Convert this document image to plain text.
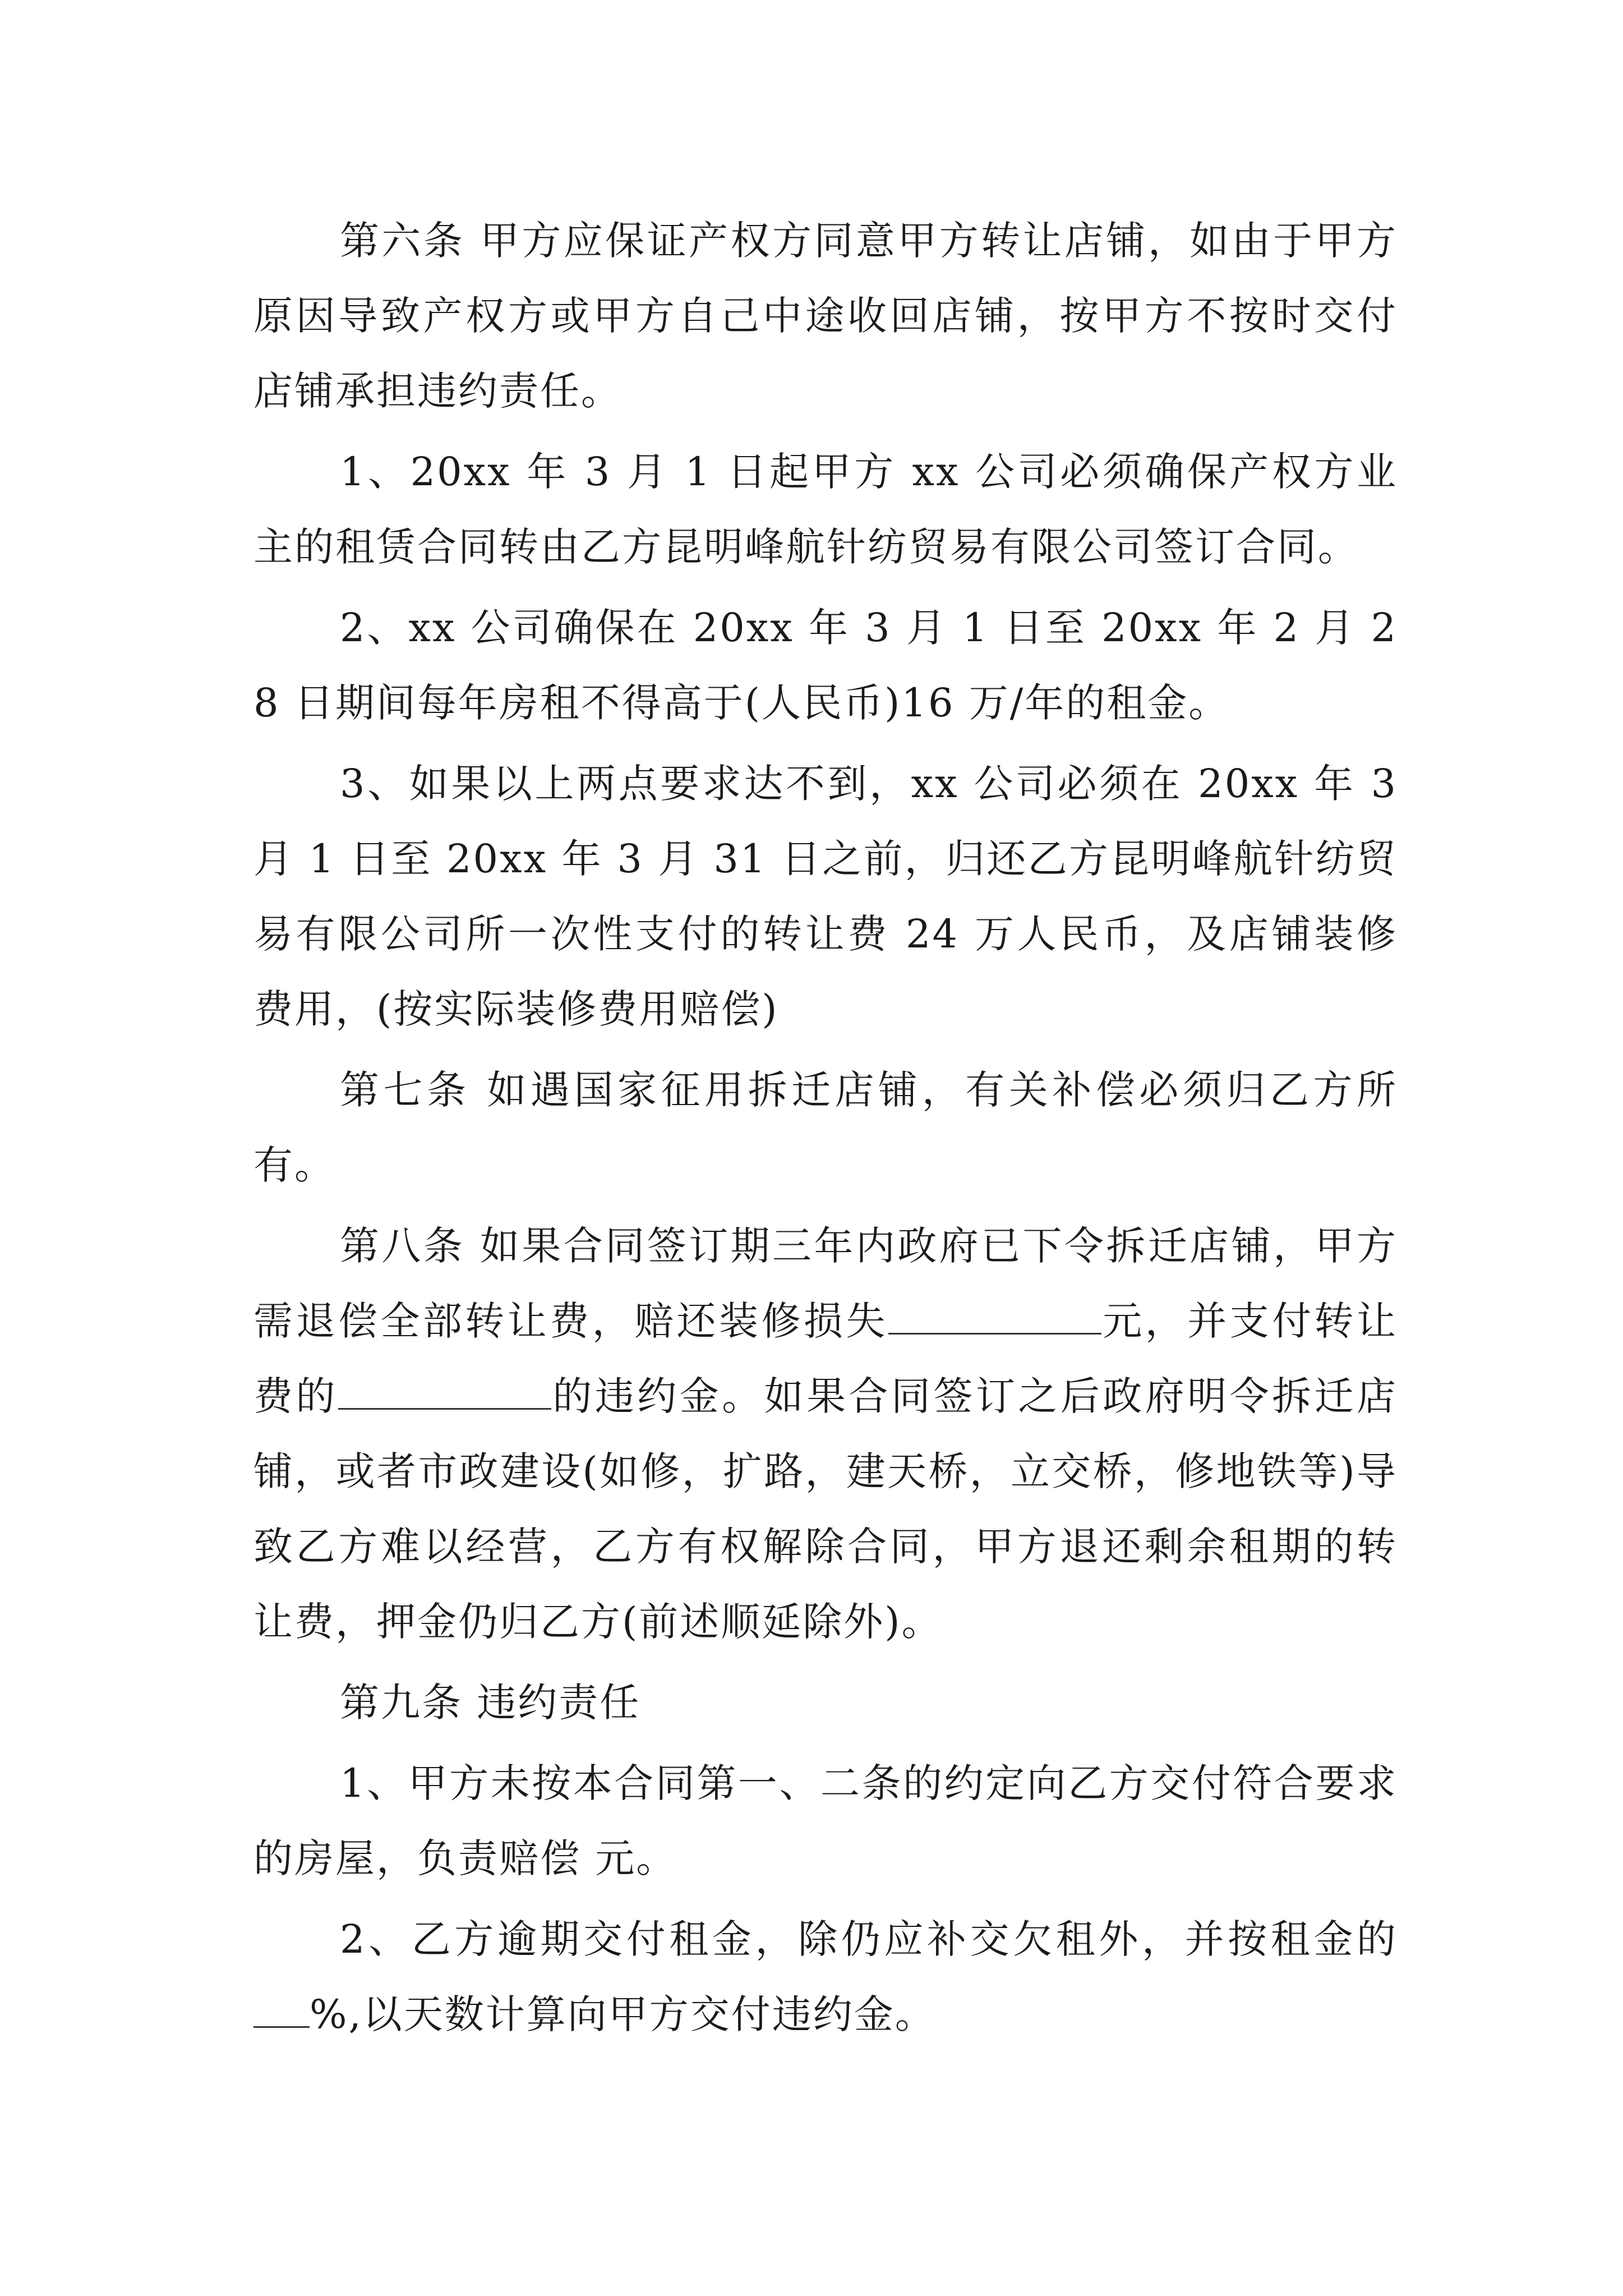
第六条 甲方应保证产权方同意甲方转让店铺，如由于甲方原因导致产权方或甲方自己中途收回店铺，按甲方不按时交付店铺承担违约责任。

1、20xx 年 3 月 1 日起甲方 xx 公司必须确保产权方业主的租赁合同转由乙方昆明峰航针纺贸易有限公司签订合同。

2、xx 公司确保在 20xx 年 3 月 1 日至 20xx 年 2 月 28 日期间每年房租不得高于(人民币)16 万/年的租金。

3、如果以上两点要求达不到，xx 公司必须在 20xx 年 3 月 1 日至 20xx 年 3 月 31 日之前，归还乙方昆明峰航针纺贸易有限公司所一次性支付的转让费 24 万人民币，及店铺装修费用，(按实际装修费用赔偿)

第七条 如遇国家征用拆迁店铺，有关补偿必须归乙方所有。

第八条 如果合同签订期三年内政府已下令拆迁店铺，甲方需退偿全部转让费，赔还装修损失	元，并支付转让费的	的违约金。如果合同签订之后政府明令拆迁店铺，或者市政建设(如修，扩路，建天桥，立交桥，修地铁等)导致乙方难以经营，乙方有权解除合同，甲方退还剩余租期的转让费，押金仍归乙方(前述顺延除外)。

第九条 违约责任

1、甲方未按本合同第一、二条的约定向乙方交付符合要求的房屋，负责赔偿 元。

2、乙方逾期交付租金，除仍应补交欠租外，并按租金的%,以天数计算向甲方交付违约金。
